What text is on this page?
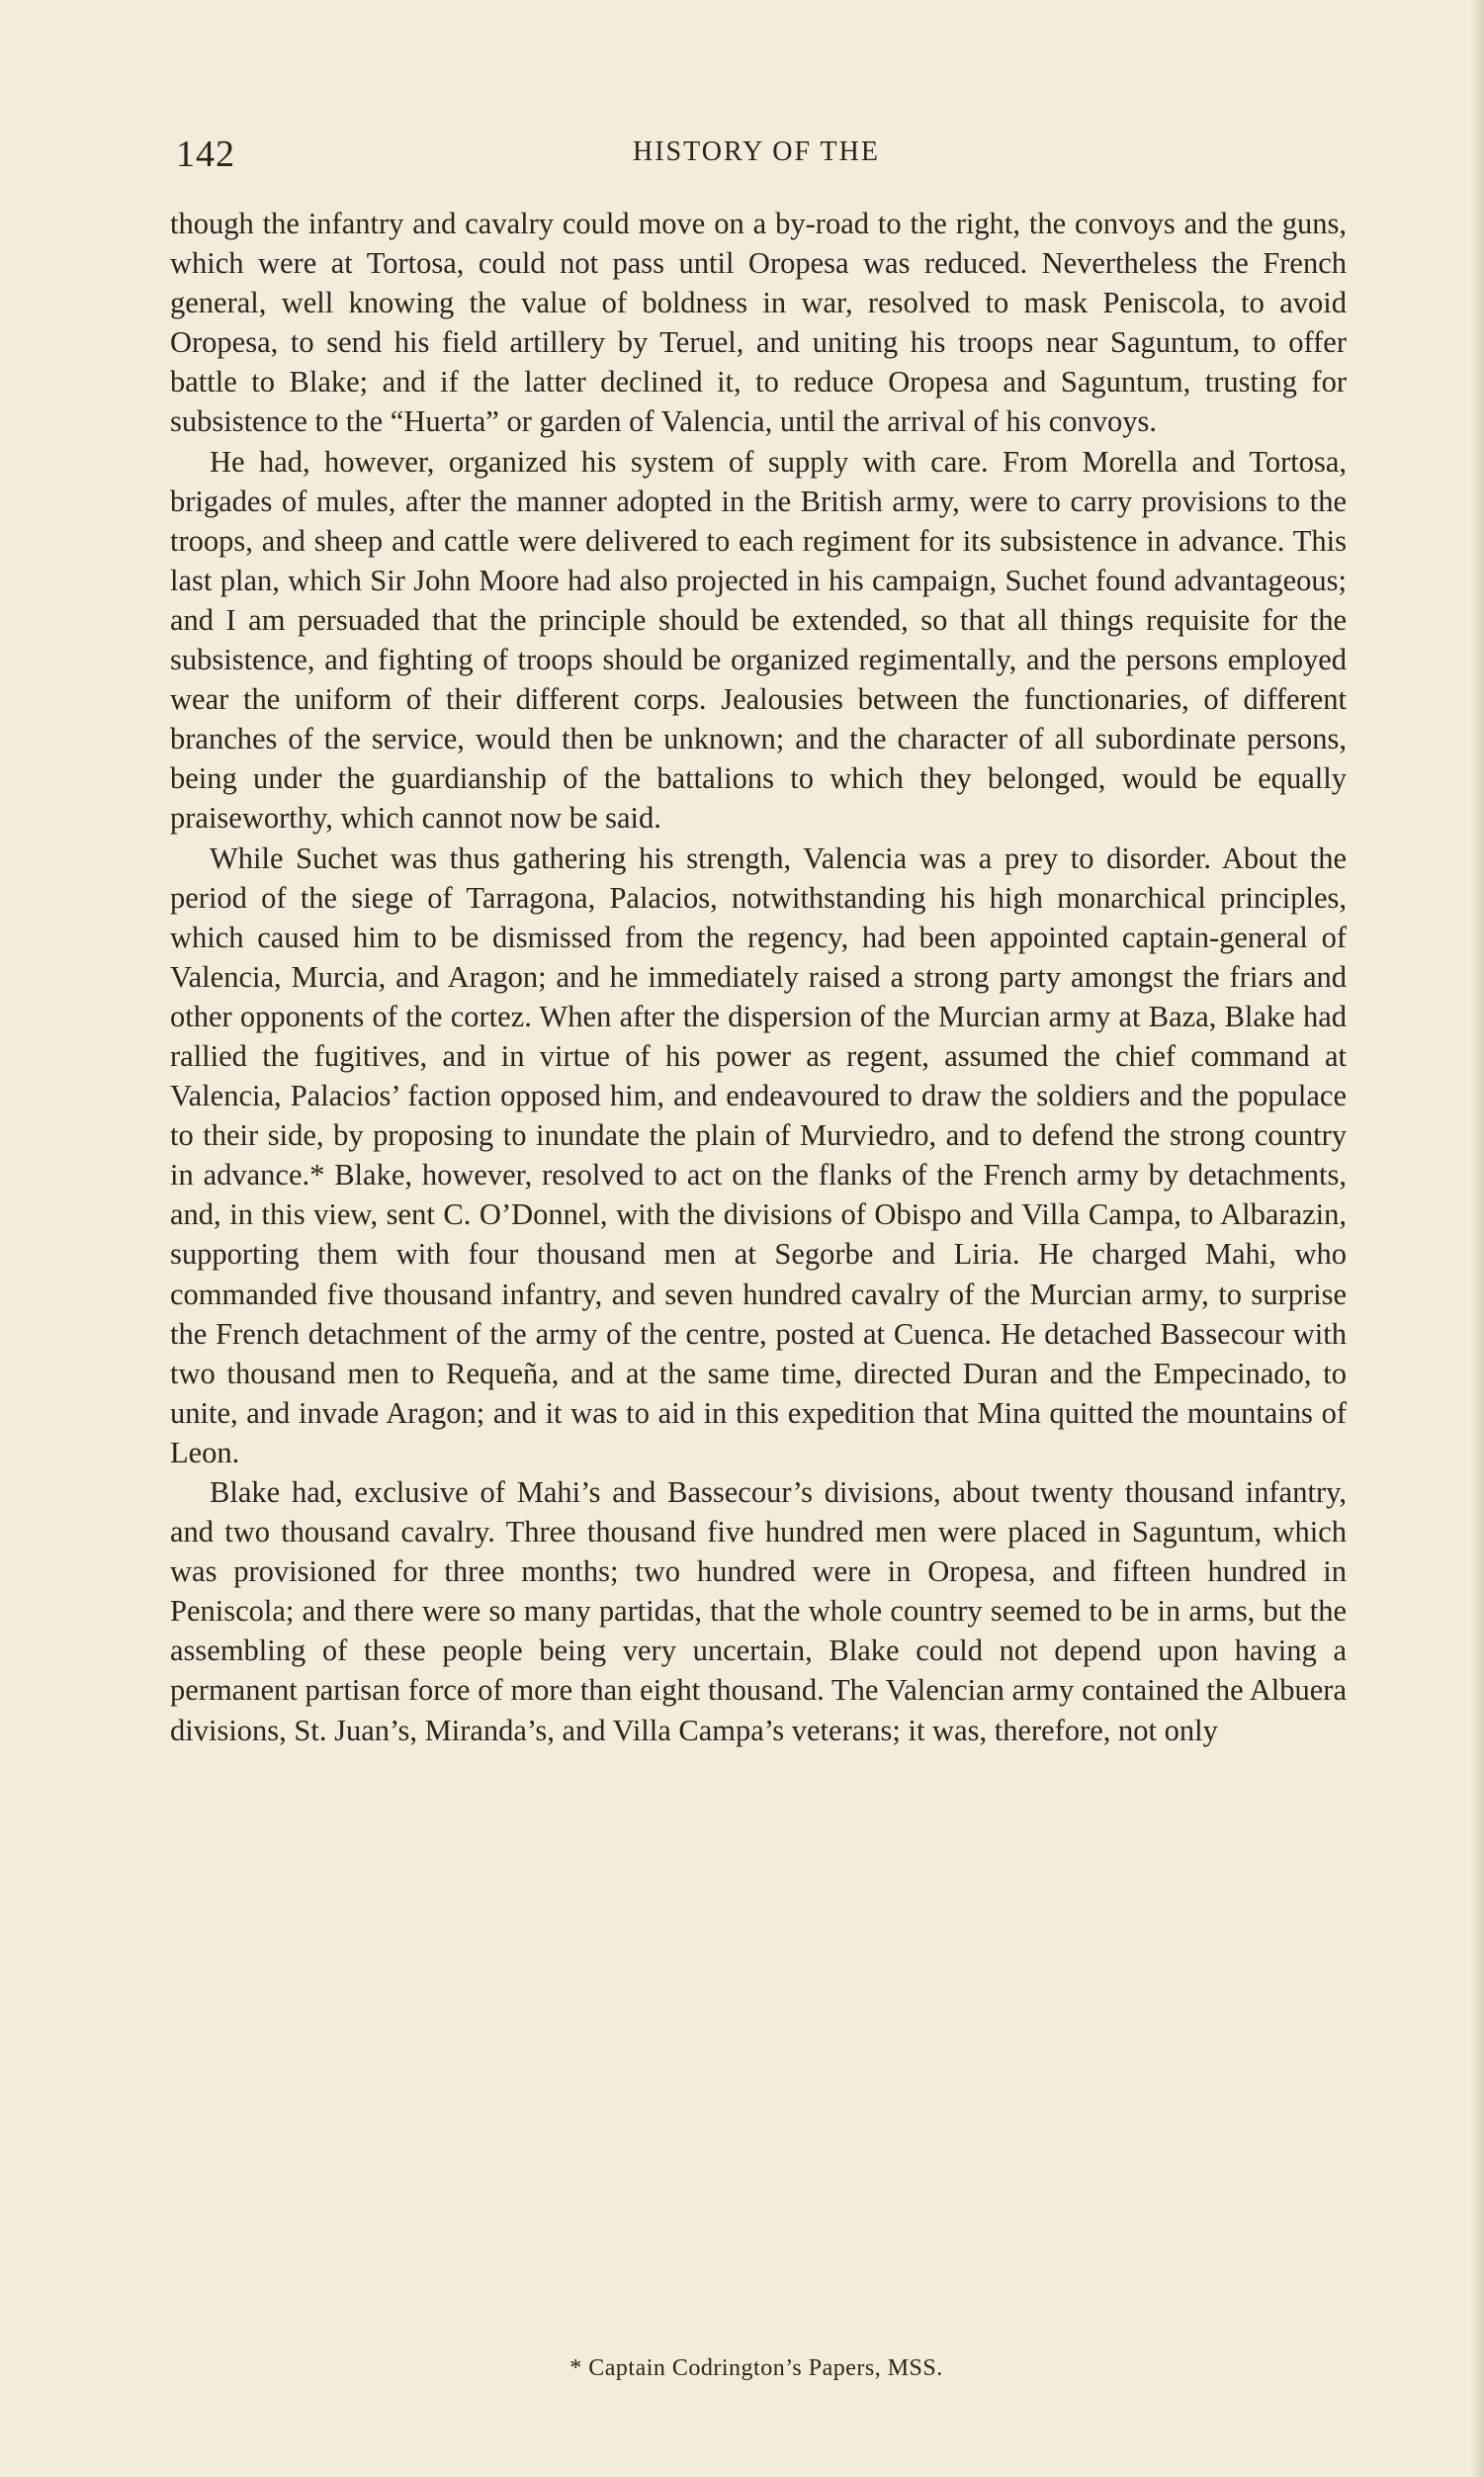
142	HISTORY OF THE

though the infantry and cavalry could move on a by-road to the right, the convoys and the guns, which were at Tortosa, could not pass until Oropesa was reduced. Nevertheless the French general, well knowing the value of boldness in war, resolved to mask Peniscola, to avoid Oropesa, to send his field artillery by Teruel, and uniting his troops near Saguntum, to offer battle to Blake; and if the latter declined it, to reduce Oropesa and Saguntum, trusting for subsistence to the “Huerta” or garden of Valencia, until the arrival of his convoys.

He had, however, organized his system of supply with care. From Morella and Tortosa, brigades of mules, after the manner adopted in the British army, were to carry provisions to the troops, and sheep and cattle were delivered to each regiment for its subsistence in advance. This last plan, which Sir John Moore had also projected in his campaign, Suchet found advantageous; and I am persuaded that the principle should be extended, so that all things requisite for the subsistence, and fighting of troops should be organized regimentally, and the persons employed wear the uniform of their different corps. Jealousies between the functionaries, of different branches of the service, would then be unknown; and the character of all subordinate persons, being under the guardianship of the battalions to which they belonged, would be equally praiseworthy, which cannot now be said.

While Suchet was thus gathering his strength, Valencia was a prey to disorder. About the period of the siege of Tarragona, Palacios, notwithstanding his high monarchical principles, which caused him to be dismissed from the regency, had been appointed captain-general of Valencia, Murcia, and Aragon; and he immediately raised a strong party amongst the friars and other opponents of the cortez. When after the dispersion of the Murcian army at Baza, Blake had rallied the fugitives, and in virtue of his power as regent, assumed the chief command at Valencia, Palacios’ faction opposed him, and endeavoured to draw the soldiers and the populace to their side, by proposing to inundate the plain of Murviedro, and to defend the strong country in advance.* Blake, however, resolved to act on the flanks of the French army by detachments, and, in this view, sent C. O’Donnel, with the divisions of Obispo and Villa Campa, to Albarazin, supporting them with four thousand men at Segorbe and Liria. He charged Mahi, who commanded five thousand infantry, and seven hundred cavalry of the Murcian army, to surprise the French detachment of the army of the centre, posted at Cuenca. He detached Bassecour with two thousand men to Requeña, and at the same time, directed Duran and the Empecinado, to unite, and invade Aragon; and it was to aid in this expedition that Mina quitted the mountains of Leon.

Blake had, exclusive of Mahi’s and Bassecour’s divisions, about twenty thousand infantry, and two thousand cavalry. Three thousand five hundred men were placed in Saguntum, which was provisioned for three months; two hundred were in Oropesa, and fifteen hundred in Peniscola; and there were so many partidas, that the whole country seemed to be in arms, but the assembling of these people being very uncertain, Blake could not depend upon having a permanent partisan force of more than eight thousand. The Valencian army contained the Albuera divisions, St. Juan’s, Miranda’s, and Villa Campa’s veterans; it was, therefore, not only

* Captain Codrington’s Papers, MSS.
